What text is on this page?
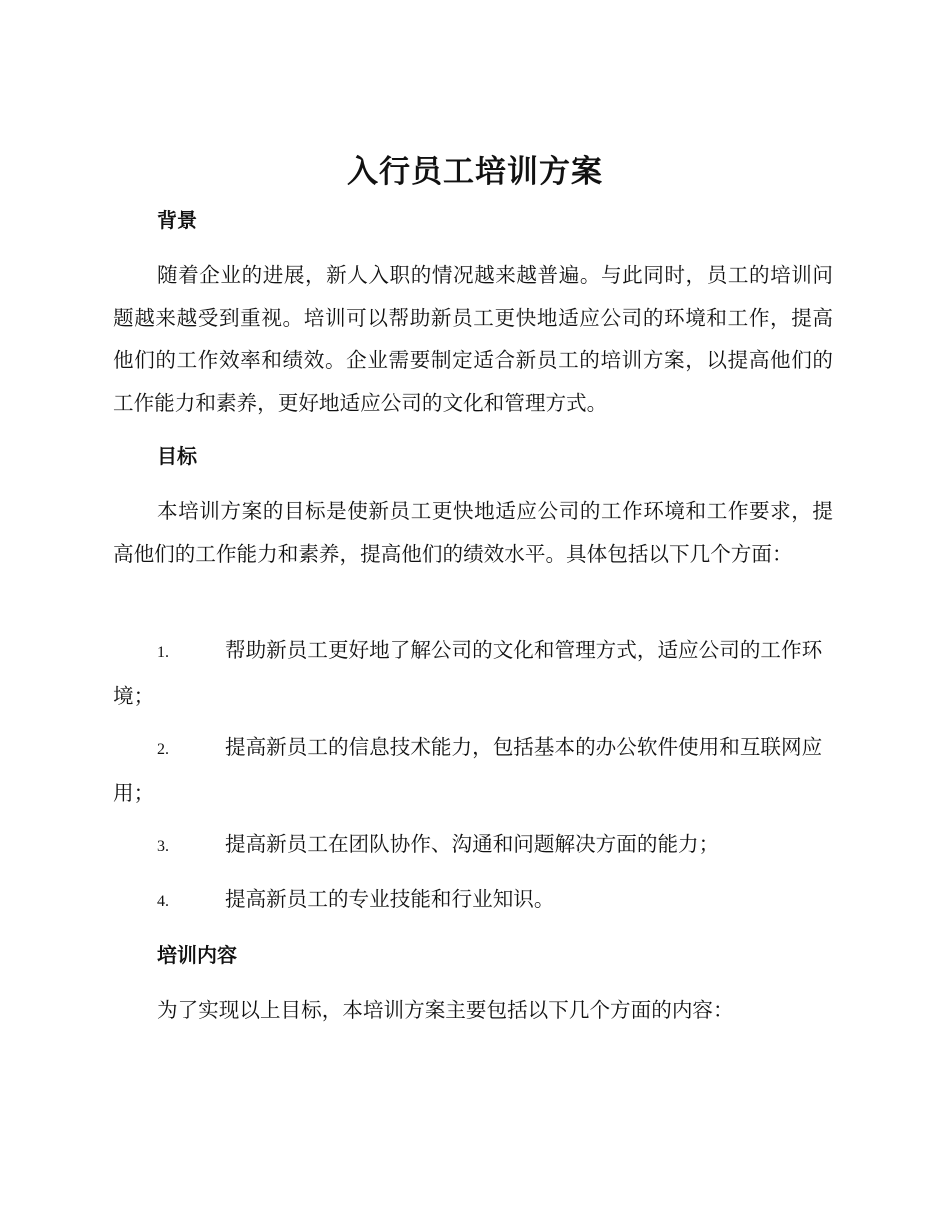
入行员工培训方案
背景
随着企业的进展，新人入职的情况越来越普遍。与此同时，员工的培训问题越来越受到重视。培训可以帮助新员工更快地适应公司的环境和工作，提高他们的工作效率和绩效。企业需要制定适合新员工的培训方案，以提高他们的工作能力和素养，更好地适应公司的文化和管理方式。
目标
本培训方案的目标是使新员工更快地适应公司的工作环境和工作要求，提高他们的工作能力和素养，提高他们的绩效水平。具体包括以下几个方面：
1.	帮助新员工更好地了解公司的文化和管理方式，适应公司的工作环境；
2.	提高新员工的信息技术能力，包括基本的办公软件使用和互联网应用；
3.	提高新员工在团队协作、沟通和问题解决方面的能力；
4.	提高新员工的专业技能和行业知识。
培训内容
为了实现以上目标，本培训方案主要包括以下几个方面的内容：
